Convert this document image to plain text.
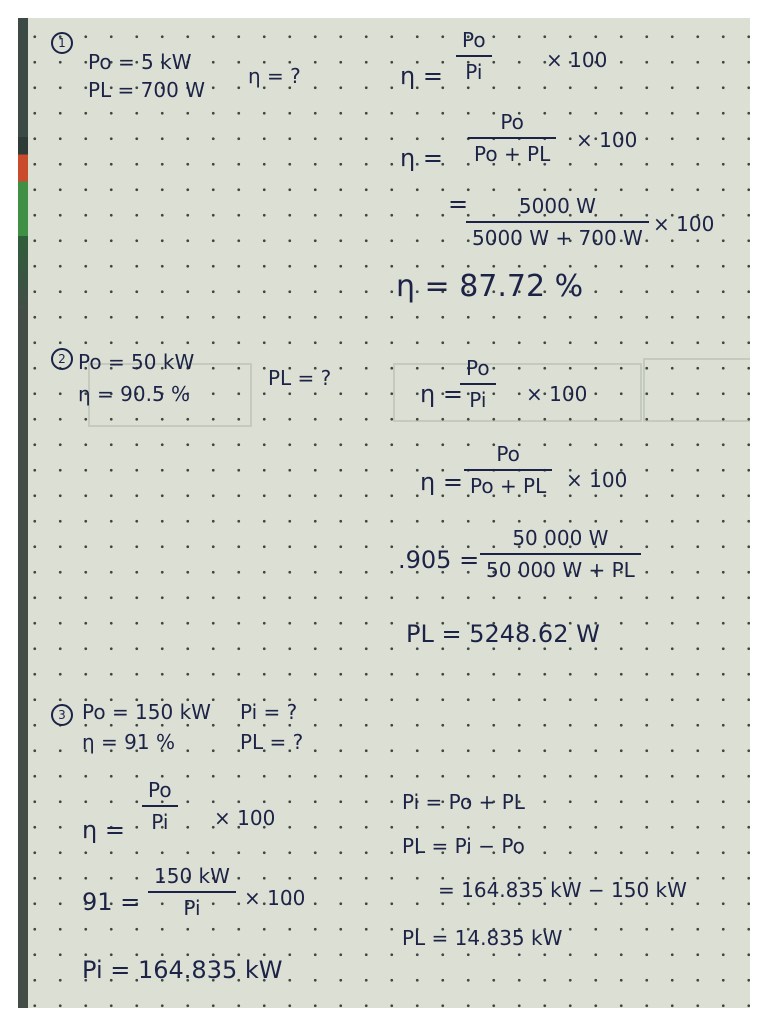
1
Po = 5 kW
PL = 700 W
η = ?	η =
Po
Pi	× 100
η =
Po
Po + PL
× 100
=	5000 W
5000 W + 700 W
× 100
η = 87.72 %
2 Po = 50 kW
η = 90.5 %
PL = ?
η =
Po
Pi	× 100
η =
Po
Po + PL × 100
.905 =
50 000 W
50 000 W + PL
PL = 5248.62 W
3 Po = 150 kW
η = 91 %
Pi = ?
PL = ?
η =
Po
Pi	× 100
91 =
150 kW
Pi	× 100
Pi = 164.835 kW
Pi = Po + PL
PL = Pi − Po
= 164.835 kW − 150 kW
PL = 14.835 kW
